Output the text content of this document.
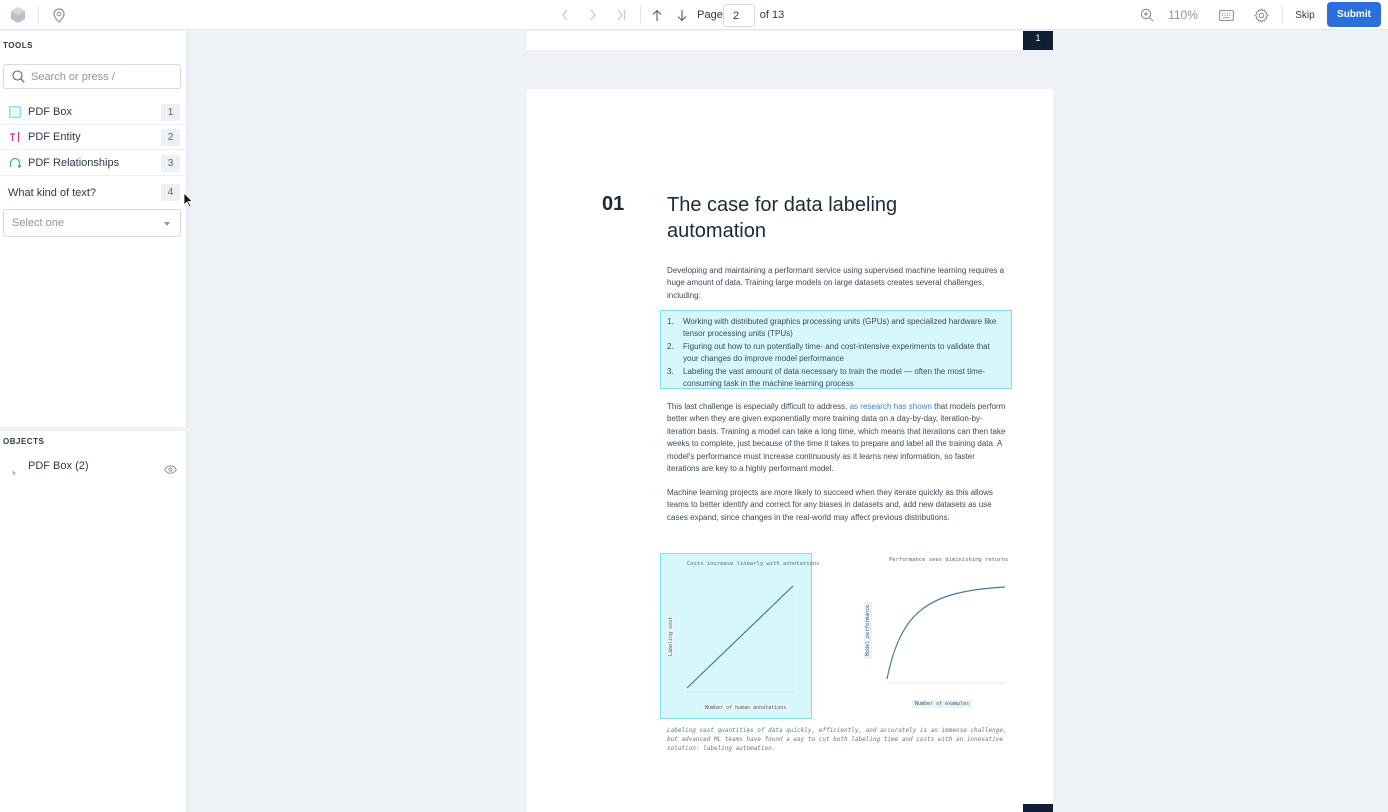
Page 2	of 13	110%	Skip	Submit
TOOLS
Search or press /
PDF Box	1
PDF Entity	2
PDF Relationships	3
What kind of text?	4
Select one
OBJECTS
PDF Box (2)
1
01 The case for data labeling automation
Developing and maintaining a performant service using supervised machine learning requires a huge amount of data. Training large models on large datasets creates several challenges, including:
1. Working with distributed graphics processing units (GPUs) and specialized hardware like tensor processing units (TPUs)
2. Figuring out how to run potentially time- and cost-intensive experiments to validate that your changes do improve model performance
3. Labeling the vast amount of data necessary to train the model — often the most time-consuming task in the machine learning process
This last challenge is especially difficult to address, as research has shown that models perform better when they are given exponentially more training data on a day-by-day, iteration-by-iteration basis. Training a model can take a long time, which means that iterations can then take weeks to complete, just because of the time it takes to prepare and label all the training data. A model's performance must increase continuously as it learns new information, so faster iterations are key to a highly performant model.
Machine learning projects are more likely to succeed when they iterate quickly as this allows teams to better identify and correct for any biases in datasets and, add new datasets as use cases expand, since changes in the real-world may affect previous distributions.
Costs increase linearly with annotations
Labeling cost
Number of human annotations
Performance sees diminishing returns
Model performance
Number of examples
Labeling vast quantities of data quickly, efficiently, and accurately is an immense challenge, but advanced ML teams have found a way to cut both labeling time and costs with an innovative solution: labeling automation.
